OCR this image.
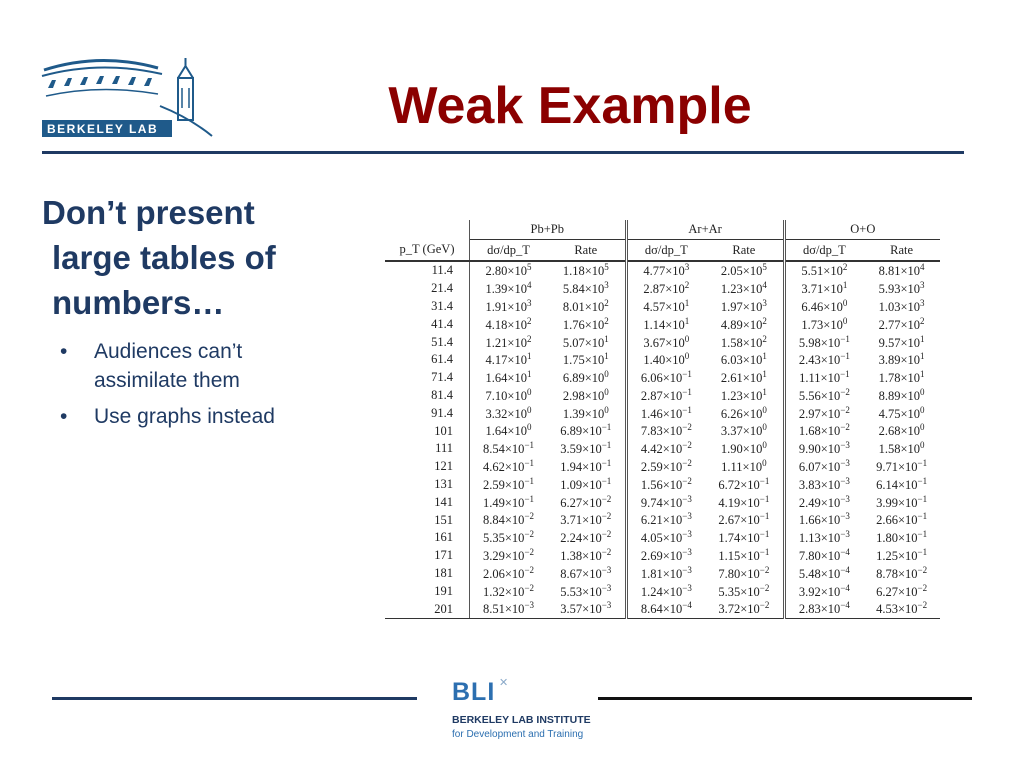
BERKELEY LAB	Weak Example
Don’t present
large tables of
numbers…
• Audiences can’t assimilate them
• Use graphs instead
	Pb+Pb		Ar+Ar		O+O	
p_T (GeV)	dσ/dp_T	Rate	dσ/dp_T	Rate	dσ/dp_T	Rate
11.4	$2.80\times 10^5$	$1.18\times 10^5$	$4.77\times 10^3$	$2.05\times 10^5$	$5.51\times 10^2$	$8.81\times 10^4$
21.4	$1.39\times 10^4$	$5.84\times 10^3$	$2.87\times 10^2$	$1.23\times 10^4$	$3.71\times 10^1$	$5.93\times 10^3$
31.4	$1.91\times 10^3$	$8.01\times 10^2$	$4.57\times 10^1$	$1.97\times 10^3$	$6.46\times 10^0$	$1.03\times 10^3$
41.4	$4.18\times 10^2$	$1.76\times 10^2$	$1.14\times 10^1$	$4.89\times 10^2$	$1.73\times 10^0$	$2.77\times 10^2$
51.4	$1.21\times 10^2$	$5.07\times 10^1$	$3.67\times 10^0$	$1.58\times 10^2$	$5.98\times 10^{-1}$	$9.57\times 10^1$
61.4	$4.17\times 10^1$	$1.75\times 10^1$	$1.40\times 10^0$	$6.03\times 10^1$	$2.43\times 10^{-1}$	$3.89\times 10^1$
71.4	$1.64\times 10^1$	$6.89\times 10^0$	$6.06\times 10^{-1}$	$2.61\times 10^1$	$1.11\times 10^{-1}$	$1.78\times 10^1$
81.4	$7.10\times 10^0$	$2.98\times 10^0$	$2.87\times 10^{-1}$	$1.23\times 10^1$	$5.56\times 10^{-2}$	$8.89\times 10^0$
91.4	$3.32\times 10^0$	$1.39\times 10^0$	$1.46\times 10^{-1}$	$6.26\times 10^0$	$2.97\times 10^{-2}$	$4.75\times 10^0$
101	$1.64\times 10^0$	$6.89\times 10^{-1}$	$7.83\times 10^{-2}$	$3.37\times 10^0$	$1.68\times 10^{-2}$	$2.68\times 10^0$
111	$8.54\times 10^{-1}$	$3.59\times 10^{-1}$	$4.42\times 10^{-2}$	$1.90\times 10^0$	$9.90\times 10^{-3}$	$1.58\times 10^0$
121	$4.62\times 10^{-1}$	$1.94\times 10^{-1}$	$2.59\times 10^{-2}$	$1.11\times 10^0$	$6.07\times 10^{-3}$	$9.71\times 10^{-1}$
131	$2.59\times 10^{-1}$	$1.09\times 10^{-1}$	$1.56\times 10^{-2}$	$6.72\times 10^{-1}$	$3.83\times 10^{-3}$	$6.14\times 10^{-1}$
141	$1.49\times 10^{-1}$	$6.27\times 10^{-2}$	$9.74\times 10^{-3}$	$4.19\times 10^{-1}$	$2.49\times 10^{-3}$	$3.99\times 10^{-1}$
151	$8.84\times 10^{-2}$	$3.71\times 10^{-2}$	$6.21\times 10^{-3}$	$2.67\times 10^{-1}$	$1.66\times 10^{-3}$	$2.66\times 10^{-1}$
161	$5.35\times 10^{-2}$	$2.24\times 10^{-2}$	$4.05\times 10^{-3}$	$1.74\times 10^{-1}$	$1.13\times 10^{-3}$	$1.80\times 10^{-1}$
171	$3.29\times 10^{-2}$	$1.38\times 10^{-2}$	$2.69\times 10^{-3}$	$1.15\times 10^{-1}$	$7.80\times 10^{-4}$	$1.25\times 10^{-1}$
181	$2.06\times 10^{-2}$	$8.67\times 10^{-3}$	$1.81\times 10^{-3}$	$7.80\times 10^{-2}$	$5.48\times 10^{-4}$	$8.78\times 10^{-2}$
191	$1.32\times 10^{-2}$	$5.53\times 10^{-3}$	$1.24\times 10^{-3}$	$5.35\times 10^{-2}$	$3.92\times 10^{-4}$	$6.27\times 10^{-2}$
201	$8.51\times 10^{-3}$	$3.57\times 10^{-3}$	$8.64\times 10^{-4}$	$3.72\times 10^{-2}$	$2.83\times 10^{-4}$	$4.53\times 10^{-2}$
BLI ✕
BERKELEY LAB INSTITUTE
for Development and Training
